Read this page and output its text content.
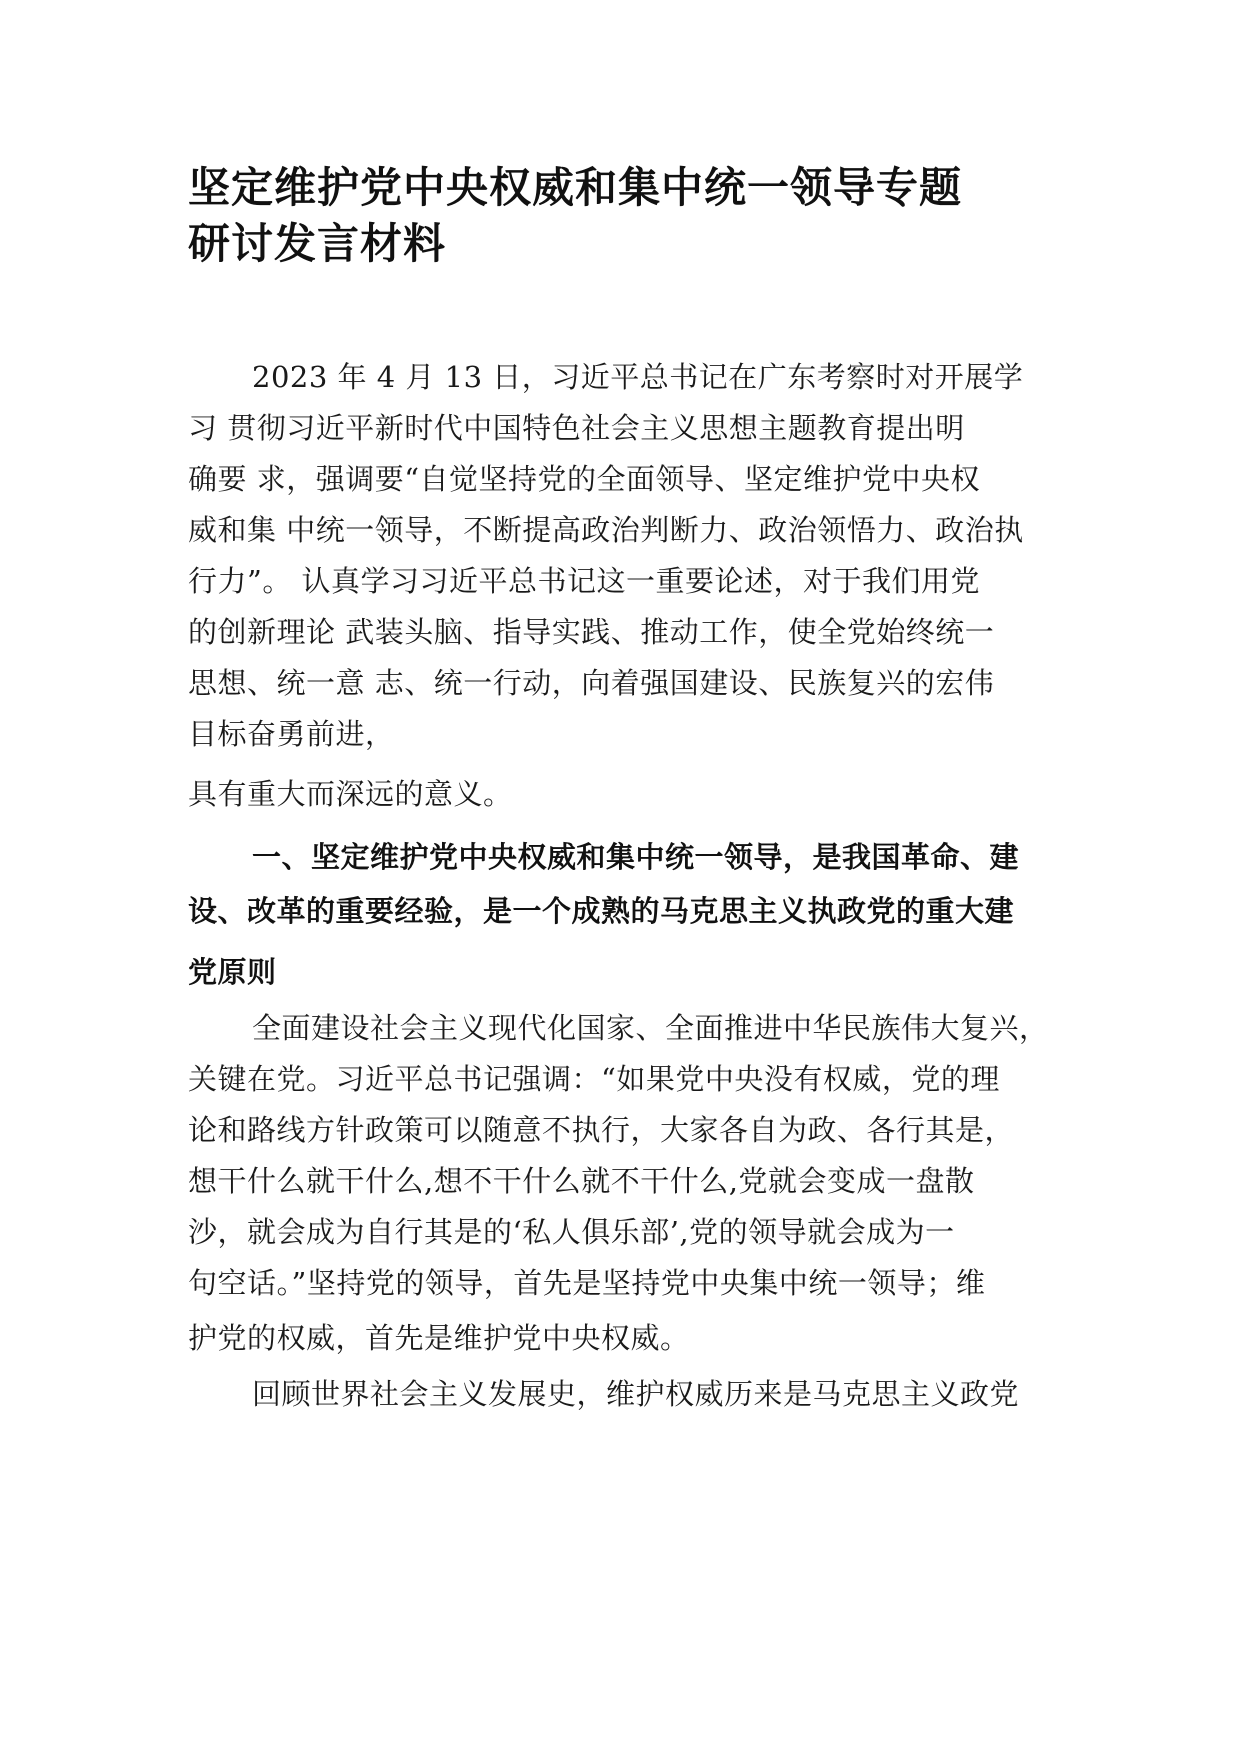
坚定维护党中央权威和集中统一领导专题
研讨发言材料
2023 年 4 月 13 日，习近平总书记在广东考察时对开展学
习 贯彻习近平新时代中国特色社会主义思想主题教育提出明
确要 求，强调要“自觉坚持党的全面领导、坚定维护党中央权
威和集 中统一领导，不断提高政治判断力、政治领悟力、政治执
行力”。 认真学习习近平总书记这一重要论述，对于我们用党
的创新理论 武装头脑、指导实践、推动工作，使全党始终统一
思想、统一意 志、统一行动，向着强国建设、民族复兴的宏伟
目标奋勇前进，
具有重大而深远的意义。
一、坚定维护党中央权威和集中统一领导，是我国革命、建
设、改革的重要经验，是一个成熟的马克思主义执政党的重大建
党原则
全面建设社会主义现代化国家、全面推进中华民族伟大复兴，
关键在党。习近平总书记强调：“如果党中央没有权威，党的理
论和路线方针政策可以随意不执行，大家各自为政、各行其是，
想干什么就干什么,想不干什么就不干什么,党就会变成一盘散
沙，就会成为自行其是的‘私人俱乐部’,党的领导就会成为一
句空话。”坚持党的领导，首先是坚持党中央集中统一领导；维
护党的权威，首先是维护党中央权威。
回顾世界社会主义发展史，维护权威历来是马克思主义政党
